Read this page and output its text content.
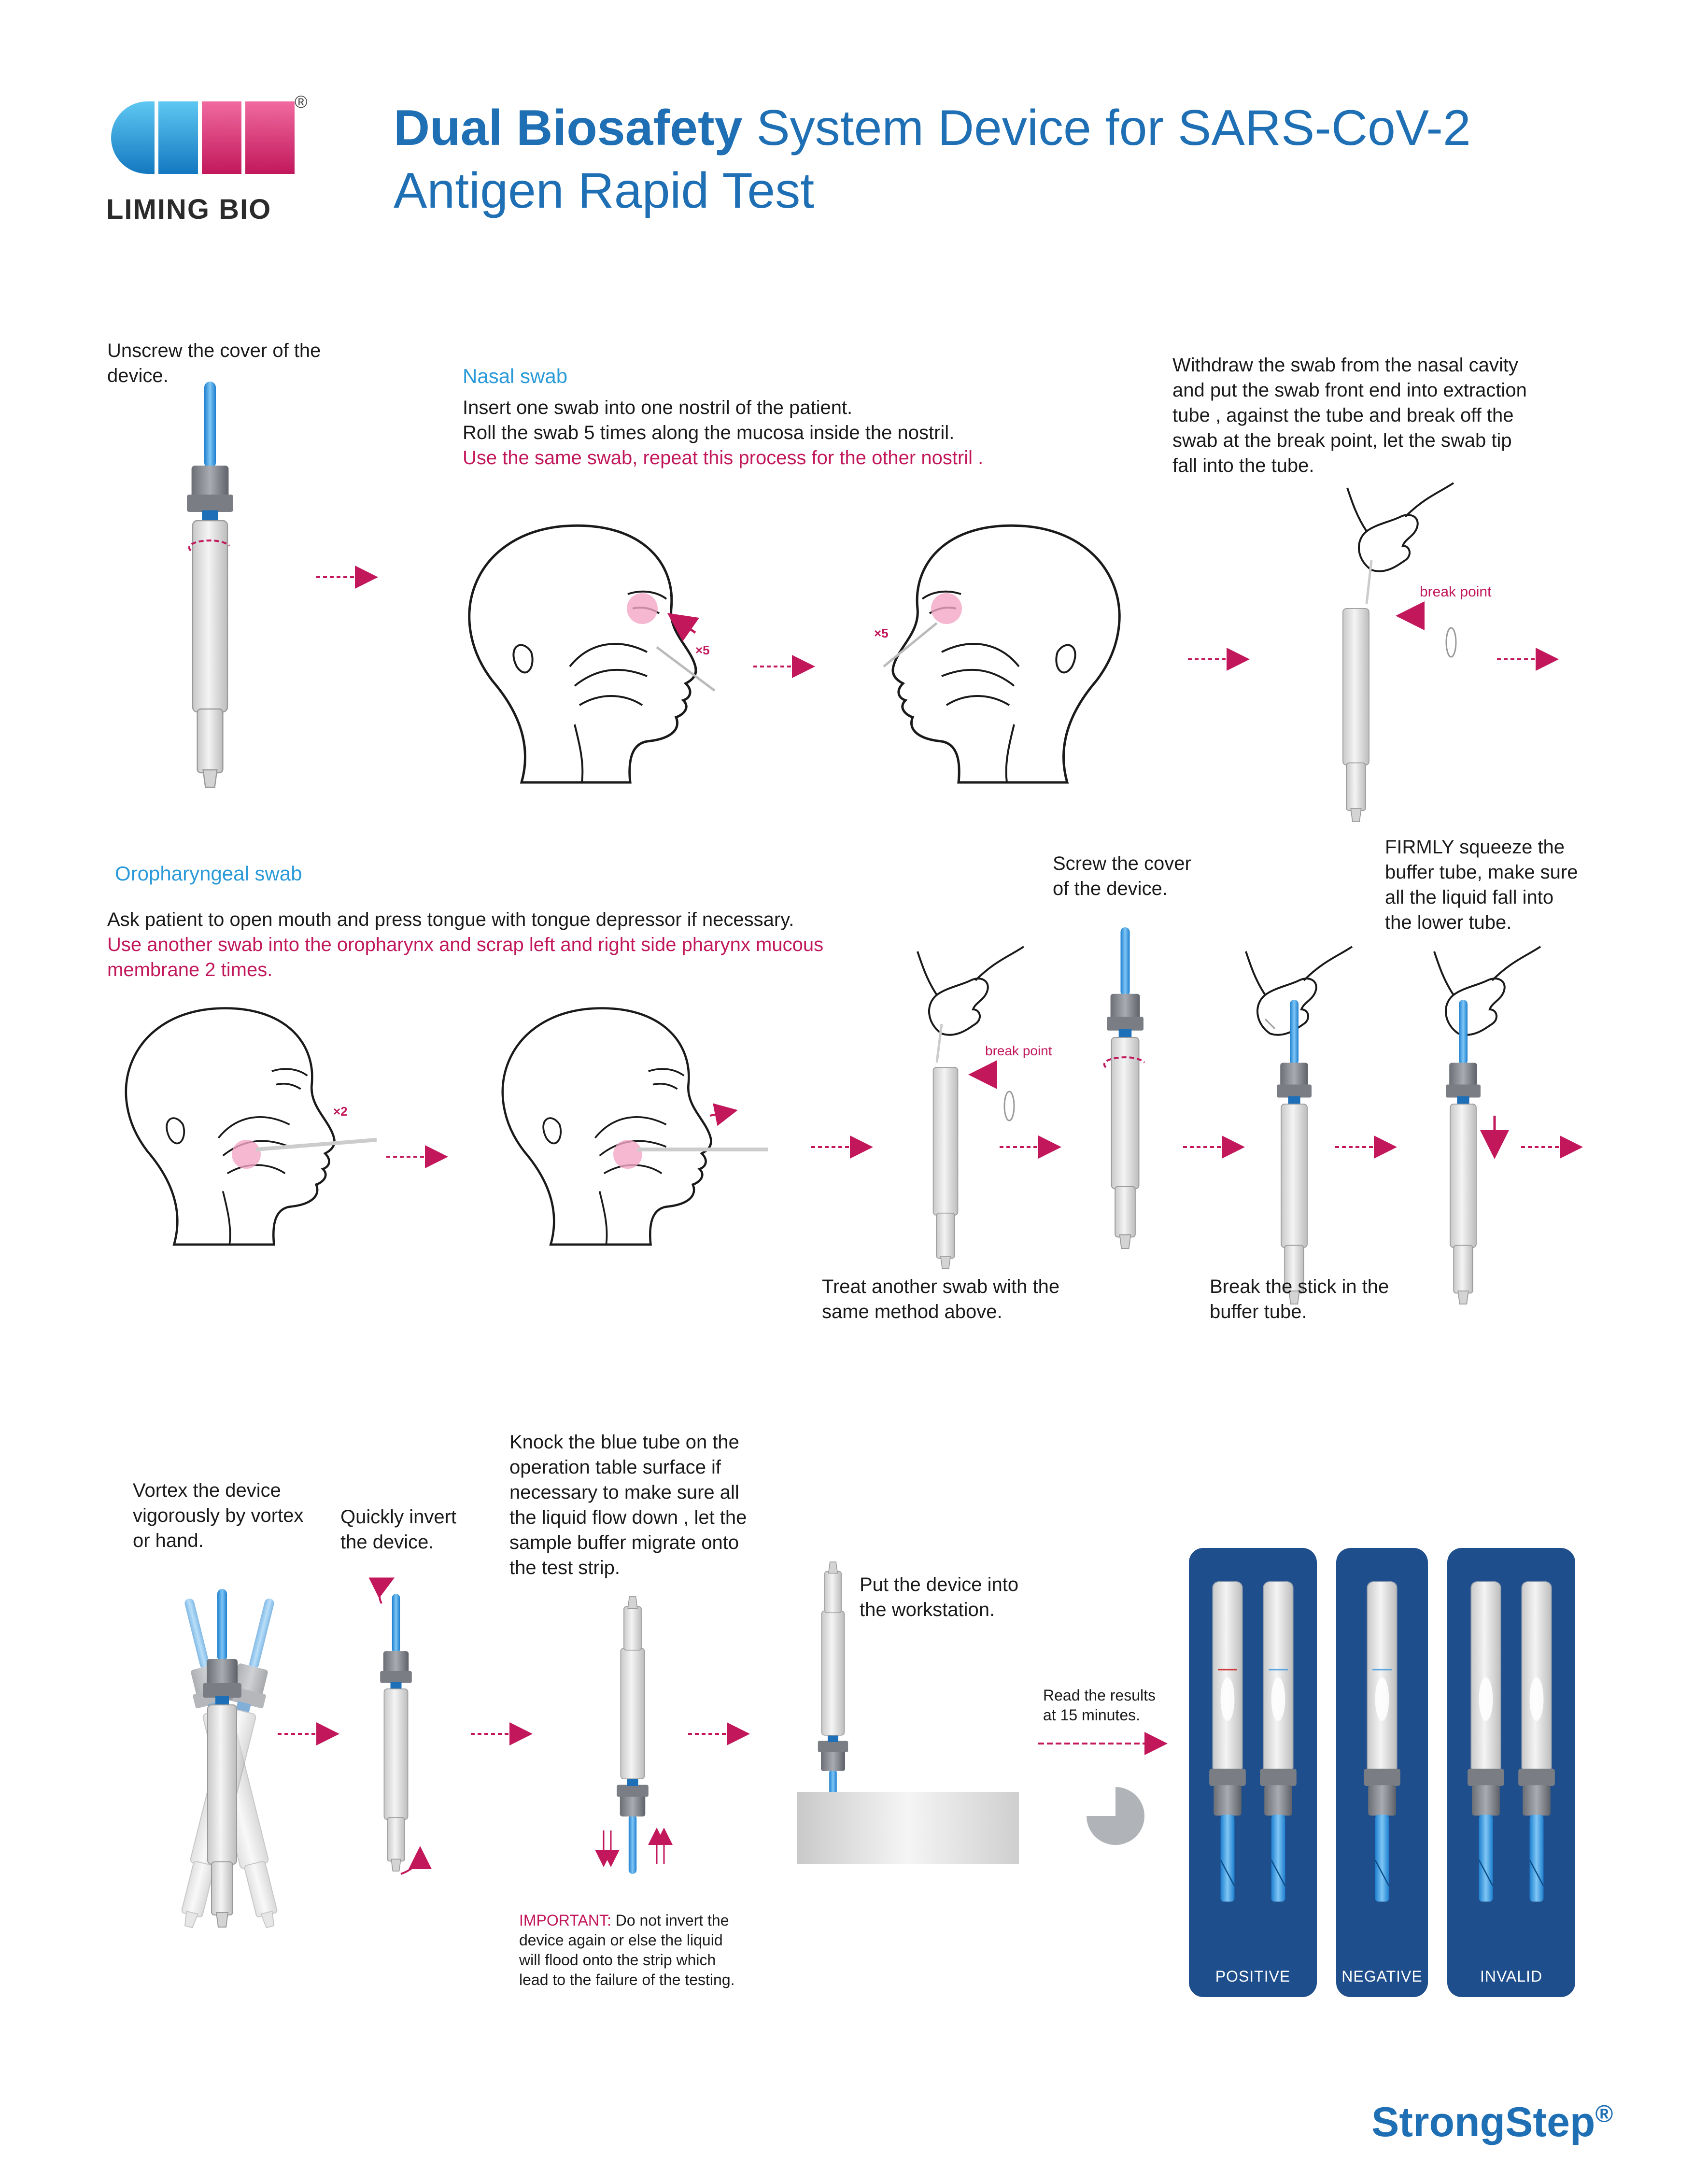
®
LIMING BIO
Dual Biosafety System Device for SARS-CoV-2
Antigen Rapid Test
Unscrew the cover of the
device.	Nasal swab
Insert one swab into one nostril of the patient.
Roll the swab 5 times along the mucosa inside the nostril.
Use the same swab, repeat this process for the other nostril .
×5
×5
Withdraw the swab from the nasal cavity
and put the swab front end into extraction
tube , against the tube and break off the
swab at the break point, let the swab tip
fall into the tube.
break point
Oropharyngeal swab
Ask patient to open mouth and press tongue with tongue depressor if necessary.
Use another swab into the oropharynx and scrap left and right side pharynx mucous
membrane 2 times.
×2
break point
Screw the cover
of the device.
FIRMLY squeeze the
buffer tube, make sure
all the liquid fall into
the lower tube.
Treat another swab with the
same method above.
Break the stick in the
buffer tube.
Vortex the device
vigorously by vortex
or hand.
Quickly invert
the device.
Knock the blue tube on the
operation table surface if
necessary to make sure all
the liquid flow down , let the
sample buffer migrate onto
the test strip.

IMPORTANT: Do not invert the
device again or else the liquid
will flood onto the strip which
lead to the failure of the testing.

Put the device into
the workstation.
Read the results
at 15 minutes.
POSITIVE	NEGATIVE	INVALID
StrongStep®
